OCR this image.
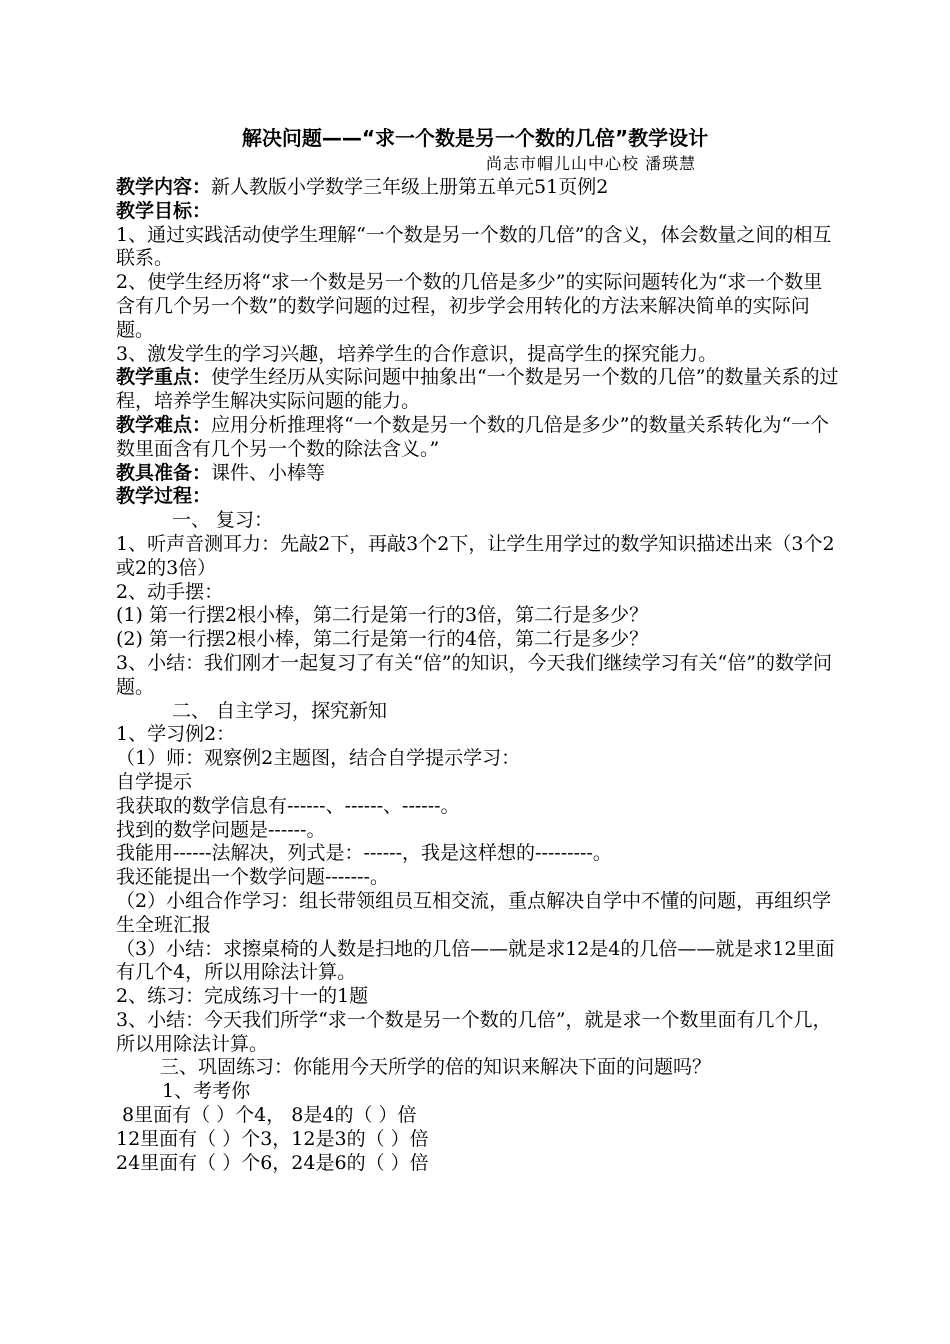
解决问题——“求一个数是另一个数的几倍”教学设计
尚志市帽儿山中心校 潘瑛慧
教学内容：新人教版小学数学三年级上册第五单元51页例2
教学目标：
1、通过实践活动使学生理解“一个数是另一个数的几倍”的含义，体会数量之间的相互联系。
2、使学生经历将“求一个数是另一个数的几倍是多少”的实际问题转化为“求一个数里含有几个另一个数”的数学问题的过程，初步学会用转化的方法来解决简单的实际问题。
3、激发学生的学习兴趣，培养学生的合作意识，提高学生的探究能力。
教学重点：使学生经历从实际问题中抽象出“一个数是另一个数的几倍”的数量关系的过程，培养学生解决实际问题的能力。
教学难点：应用分析推理将“一个数是另一个数的几倍是多少”的数量关系转化为“一个数里面含有几个另一个数的除法含义。”
教具准备：课件、小棒等
教学过程：
一、 复习：
1、听声音测耳力：先敲2下，再敲3个2下，让学生用学过的数学知识描述出来（3个2或2的3倍）
2、动手摆：
(1) 第一行摆2根小棒，第二行是第一行的3倍，第二行是多少？
(2) 第一行摆2根小棒，第二行是第一行的4倍，第二行是多少？
3、小结：我们刚才一起复习了有关“倍”的知识，今天我们继续学习有关“倍”的数学问题。
二、 自主学习，探究新知
1、学习例2：
（1）师：观察例2主题图，结合自学提示学习：
自学提示
我获取的数学信息有------、------、------。
找到的数学问题是------。
我能用------法解决，列式是：------，我是这样想的---------。
我还能提出一个数学问题-------。
（2）小组合作学习：组长带领组员互相交流，重点解决自学中不懂的问题，再组织学生全班汇报
（3）小结：求擦桌椅的人数是扫地的几倍——就是求12是4的几倍——就是求12里面有几个4，所以用除法计算。
2、练习：完成练习十一的1题
3、小结：今天我们所学“求一个数是另一个数的几倍”，就是求一个数里面有几个几，所以用除法计算。
三、巩固练习：你能用今天所学的倍的知识来解决下面的问题吗？
1、考考你
8里面有（ ）个4， 8是4的（ ）倍
12里面有（ ）个3，12是3的（ ）倍
24里面有（ ）个6，24是6的（ ）倍
